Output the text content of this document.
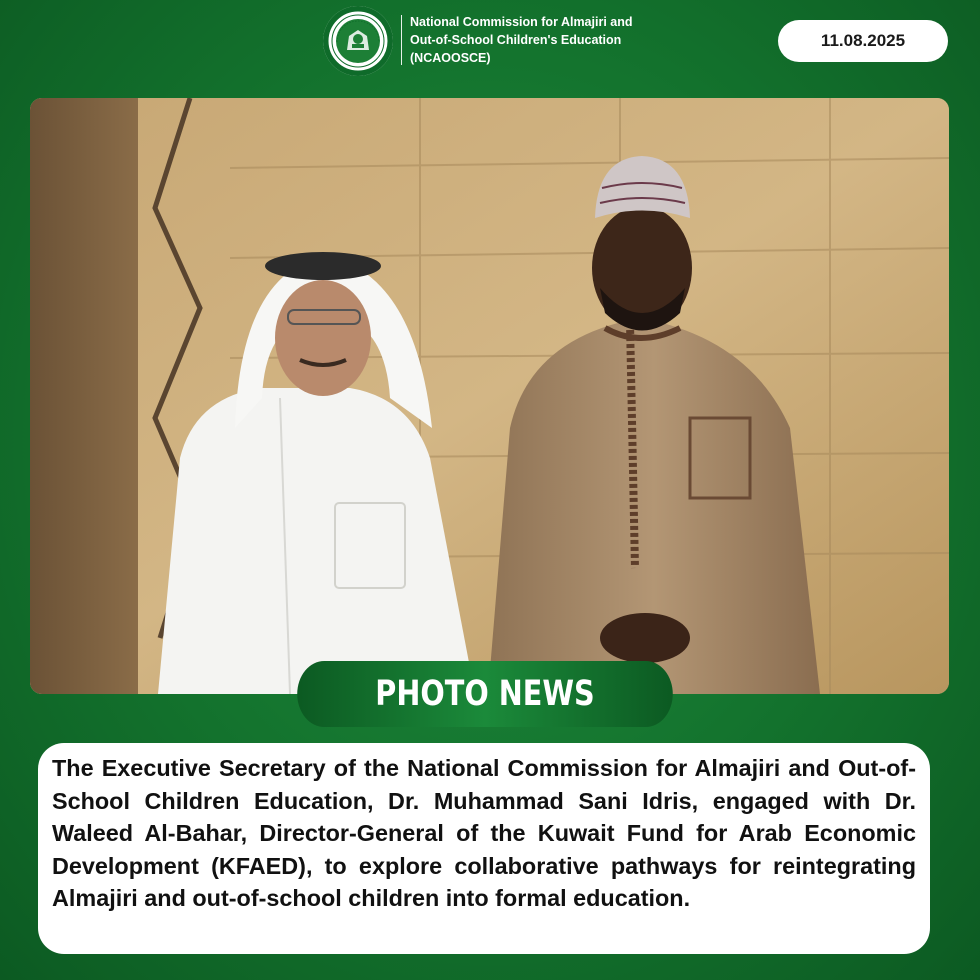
National Commission for Almajiri and
Out-of-School Children's Education
(NCAOOSCE)
11.08.2025
PHOTO NEWS

The Executive Secretary of the National Commission for Almajiri and Out-of-School Children Education, Dr. Muhammad Sani Idris, engaged with Dr. Waleed Al-Bahar, Director-General of the Kuwait Fund for Arab Economic Development (KFAED), to explore collaborative pathways for reintegrating Almajiri and out-of-school children into formal education.
